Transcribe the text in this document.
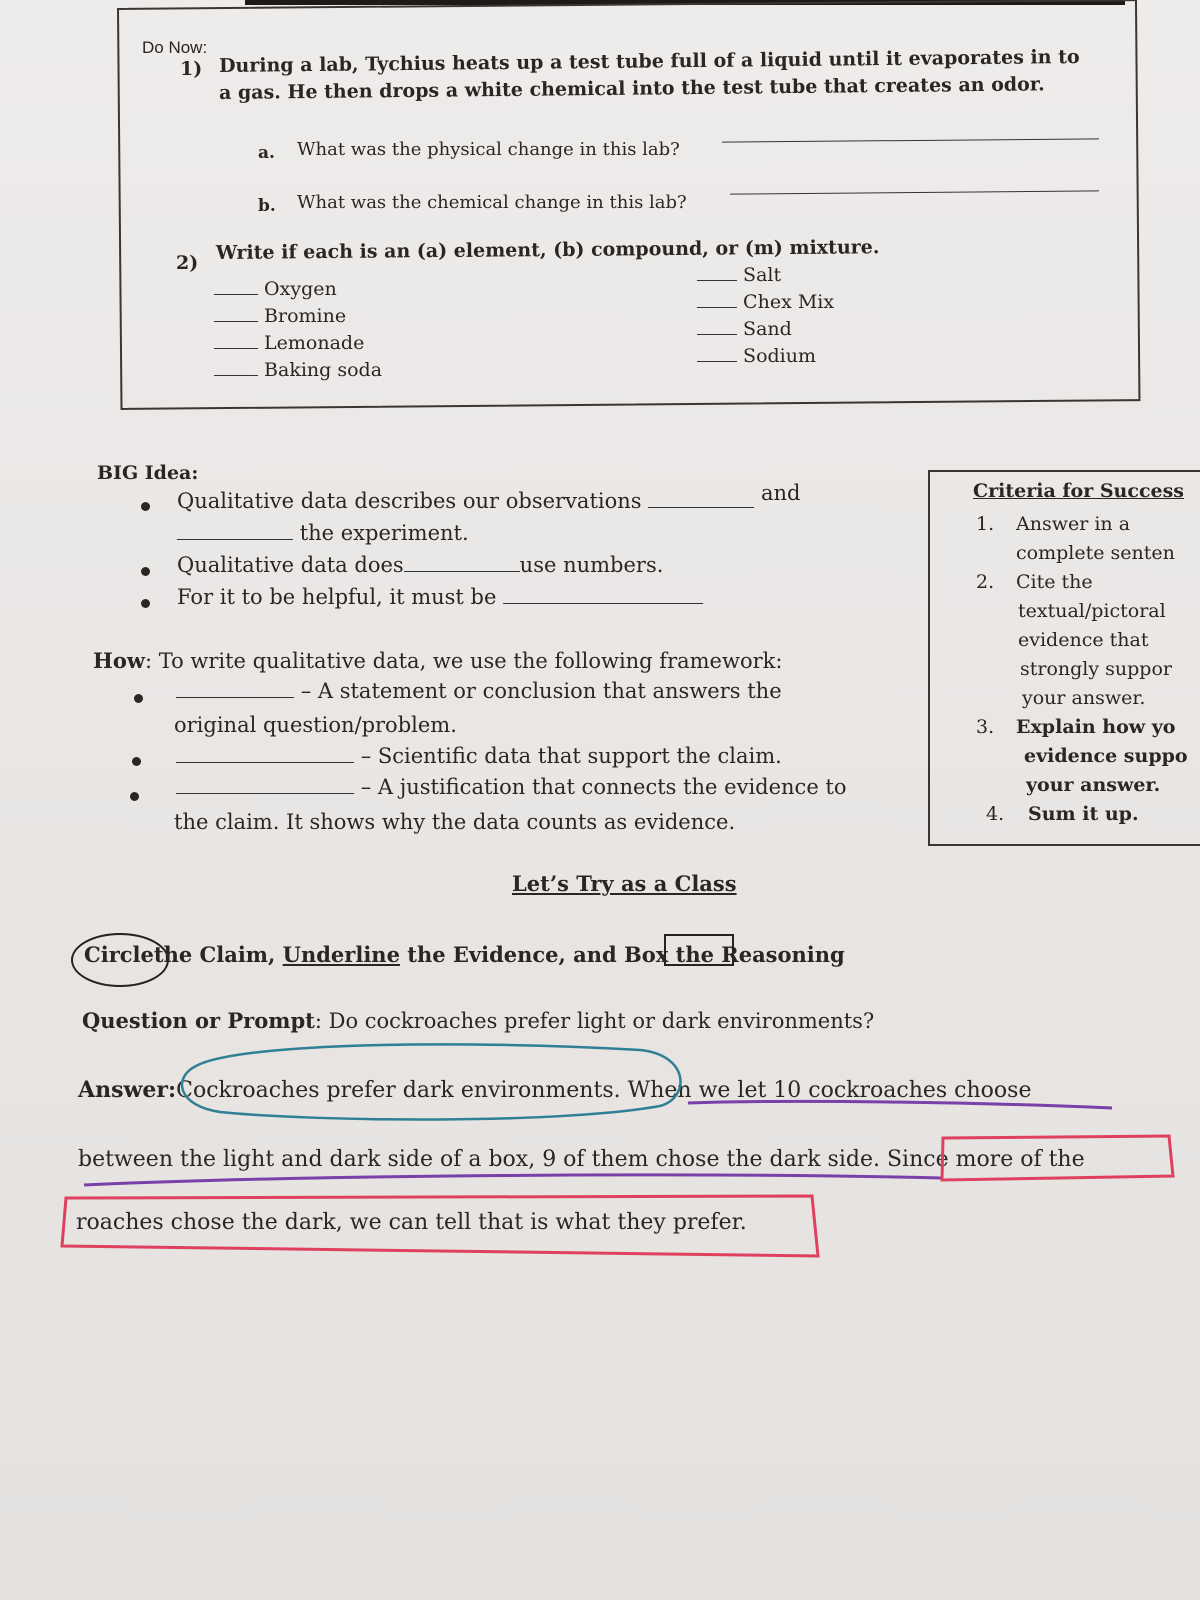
Do Now:
1) During a lab, Tychius heats up a test tube full of a liquid until it evaporates in to
a gas. He then drops a white chemical into the test tube that creates an odor.
a. What was the physical change in this lab?
b. What was the chemical change in this lab?
2) Write if each is an (a) element, (b) compound, or (m) mixture.
Oxygen
Bromine
Lemonade
Baking soda
Salt
Chex Mix
Sand
Sodium
BIG Idea:
Qualitative data describes our observations	and
the experiment.
Qualitative data does	use numbers.
For it to be helpful, it must be
How: To write qualitative data, we use the following framework:
– A statement or conclusion that answers the
original question/problem.
– Scientific data that support the claim.
– A justification that connects the evidence to
the claim. It shows why the data counts as evidence.
Criteria for Success
1. Answer in a
complete senten
2. Cite the
textual/pictoral
evidence that
strongly suppor
your answer.
3. Explain how yo
evidence suppo
your answer.
4. Sum it up.
Let’s Try as a Class
Circlethe Claim, Underline the Evidence, and Box the Reasoning
Question or Prompt: Do cockroaches prefer light or dark environments?
Answer:Cockroaches prefer dark environments. When we let 10 cockroaches choose
between the light and dark side of a box, 9 of them chose the dark side. Since more of the
roaches chose the dark, we can tell that is what they prefer.
